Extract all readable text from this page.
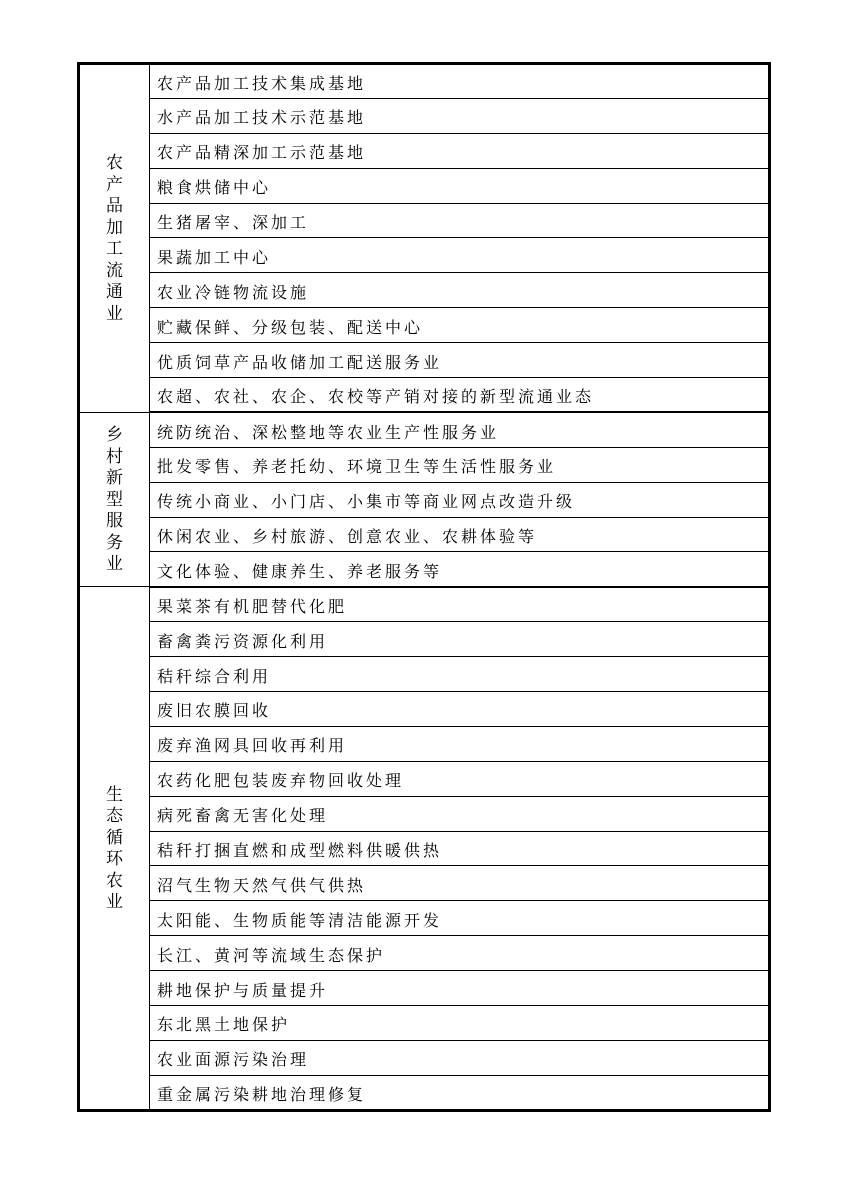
农产品加工流通业	农产品加工技术集成基地
	水产品加工技术示范基地
	农产品精深加工示范基地
	粮食烘储中心
	生猪屠宰、深加工
	果蔬加工中心
	农业冷链物流设施
	贮藏保鲜、分级包装、配送中心
	优质饲草产品收储加工配送服务业
	农超、农社、农企、农校等产销对接的新型流通业态

乡村新型服务业	统防统治、深松整地等农业生产性服务业
	批发零售、养老托幼、环境卫生等生活性服务业
	传统小商业、小门店、小集市等商业网点改造升级
	休闲农业、乡村旅游、创意农业、农耕体验等
	文化体验、健康养生、养老服务等

生态循环农业	果菜茶有机肥替代化肥
	畜禽粪污资源化利用
	秸秆综合利用
	废旧农膜回收
	废弃渔网具回收再利用
	农药化肥包装废弃物回收处理
	病死畜禽无害化处理
	秸秆打捆直燃和成型燃料供暖供热
	沼气生物天然气供气供热
	太阳能、生物质能等清洁能源开发
	长江、黄河等流域生态保护
	耕地保护与质量提升
	东北黑土地保护
	农业面源污染治理
	重金属污染耕地治理修复
